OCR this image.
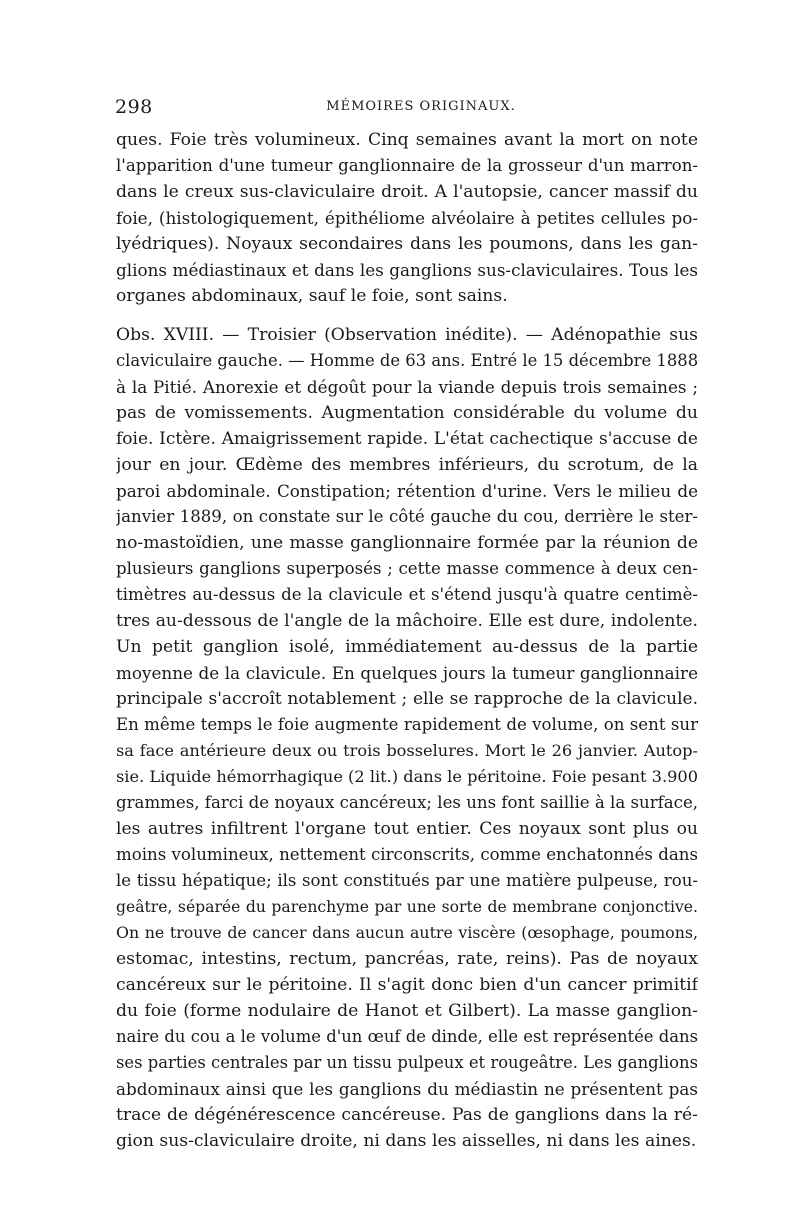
298	MÉMOIRES ORIGINAUX.
ques. Foie très volumineux. Cinq semaines avant la mort on note
l'apparition d'une tumeur ganglionnaire de la grosseur d'un marron-
dans le creux sus-claviculaire droit. A l'autopsie, cancer massif du
foie, (histologiquement, épithéliome alvéolaire à petites cellules po-
lyédriques). Noyaux secondaires dans les poumons, dans les gan-
glions médiastinaux et dans les ganglions sus-claviculaires. Tous les
organes abdominaux, sauf le foie, sont sains.
Obs. XVIII. — Troisier (Observation inédite). — Adénopathie sus
claviculaire gauche. — Homme de 63 ans. Entré le 15 décembre 1888
à la Pitié. Anorexie et dégoût pour la viande depuis trois semaines ;
pas de vomissements. Augmentation considérable du volume du
foie. Ictère. Amaigrissement rapide. L'état cachectique s'accuse de
jour en jour. Œdème des membres inférieurs, du scrotum, de la
paroi abdominale. Constipation; rétention d'urine. Vers le milieu de
janvier 1889, on constate sur le côté gauche du cou, derrière le ster-
no-mastoïdien, une masse ganglionnaire formée par la réunion de
plusieurs ganglions superposés ; cette masse commence à deux cen-
timètres au-dessus de la clavicule et s'étend jusqu'à quatre centimè-
tres au-dessous de l'angle de la mâchoire. Elle est dure, indolente.
Un petit ganglion isolé, immédiatement au-dessus de la partie
moyenne de la clavicule. En quelques jours la tumeur ganglionnaire
principale s'accroît notablement ; elle se rapproche de la clavicule.
En même temps le foie augmente rapidement de volume, on sent sur
sa face antérieure deux ou trois bosselures. Mort le 26 janvier. Autop-
sie. Liquide hémorrhagique (2 lit.) dans le péritoine. Foie pesant 3.900
grammes, farci de noyaux cancéreux; les uns font saillie à la surface,
les autres infiltrent l'organe tout entier. Ces noyaux sont plus ou
moins volumineux, nettement circonscrits, comme enchatonnés dans
le tissu hépatique; ils sont constitués par une matière pulpeuse, rou-
geâtre, séparée du parenchyme par une sorte de membrane conjonctive.
On ne trouve de cancer dans aucun autre viscère (œsophage, poumons,
estomac, intestins, rectum, pancréas, rate, reins). Pas de noyaux
cancéreux sur le péritoine. Il s'agit donc bien d'un cancer primitif
du foie (forme nodulaire de Hanot et Gilbert). La masse ganglion-
naire du cou a le volume d'un œuf de dinde, elle est représentée dans
ses parties centrales par un tissu pulpeux et rougeâtre. Les ganglions
abdominaux ainsi que les ganglions du médiastin ne présentent pas
trace de dégénérescence cancéreuse. Pas de ganglions dans la ré-
gion sus-claviculaire droite, ni dans les aisselles, ni dans les aines.
